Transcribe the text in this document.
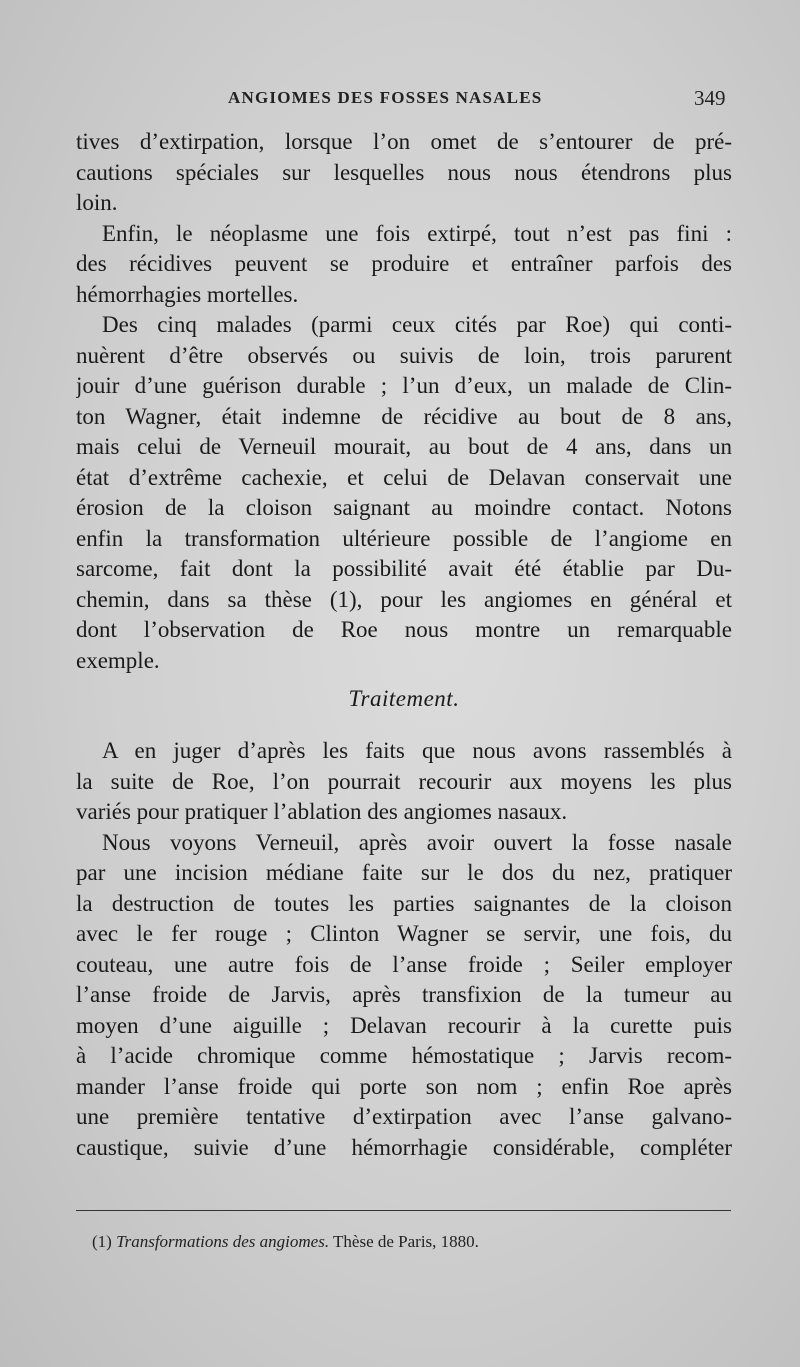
ANGIOMES DES FOSSES NASALES	349
tives d’extirpation, lorsque l’on omet de s’entourer de pré-
cautions spéciales sur lesquelles nous nous étendrons plus
loin.
Enfin, le néoplasme une fois extirpé, tout n’est pas fini :
des récidives peuvent se produire et entraîner parfois des
hémorrhagies mortelles.
Des cinq malades (parmi ceux cités par Roe) qui conti-
nuèrent d’être observés ou suivis de loin, trois parurent
jouir d’une guérison durable ; l’un d’eux, un malade de Clin-
ton Wagner, était indemne de récidive au bout de 8 ans,
mais celui de Verneuil mourait, au bout de 4 ans, dans un
état d’extrême cachexie, et celui de Delavan conservait une
érosion de la cloison saignant au moindre contact. Notons
enfin la transformation ultérieure possible de l’angiome en
sarcome, fait dont la possibilité avait été établie par Du-
chemin, dans sa thèse (1), pour les angiomes en général et
dont l’observation de Roe nous montre un remarquable
exemple.
Traitement.
A en juger d’après les faits que nous avons rassemblés à
la suite de Roe, l’on pourrait recourir aux moyens les plus
variés pour pratiquer l’ablation des angiomes nasaux.
Nous voyons Verneuil, après avoir ouvert la fosse nasale
par une incision médiane faite sur le dos du nez, pratiquer
la destruction de toutes les parties saignantes de la cloison
avec le fer rouge ; Clinton Wagner se servir, une fois, du
couteau, une autre fois de l’anse froide ; Seiler employer
l’anse froide de Jarvis, après transfixion de la tumeur au
moyen d’une aiguille ; Delavan recourir à la curette puis
à l’acide chromique comme hémostatique ; Jarvis recom-
mander l’anse froide qui porte son nom ; enfin Roe après
une première tentative d’extirpation avec l’anse galvano-
caustique, suivie d’une hémorrhagie considérable, compléter
(1) Transformations des angiomes. Thèse de Paris, 1880.
